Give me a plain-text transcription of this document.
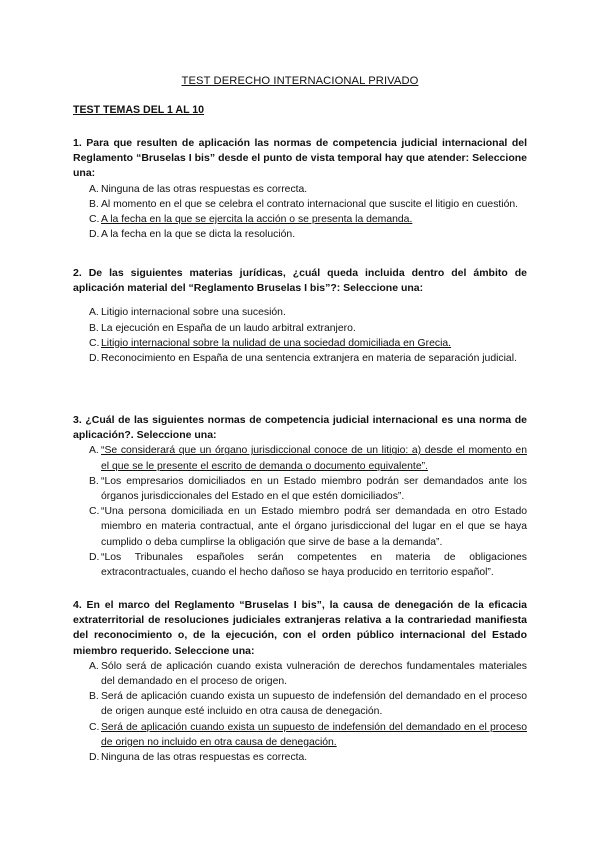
TEST DERECHO INTERNACIONAL PRIVADO
TEST TEMAS DEL 1 AL 10
1. Para que resulten de aplicación las normas de competencia judicial internacional del Reglamento “Bruselas I bis” desde el punto de vista temporal hay que atender: Seleccione una:
A. Ninguna de las otras respuestas es correcta.
B. Al momento en el que se celebra el contrato internacional que suscite el litigio en cuestión.
C. A la fecha en la que se ejercita la acción o se presenta la demanda.
D. A la fecha en la que se dicta la resolución.
2. De las siguientes materias jurídicas, ¿cuál queda incluida dentro del ámbito de aplicación material del “Reglamento Bruselas I bis”?: Seleccione una:
A. Litigio internacional sobre una sucesión.
B. La ejecución en España de un laudo arbitral extranjero.
C. Litigio internacional sobre la nulidad de una sociedad domiciliada en Grecia.
D. Reconocimiento en España de una sentencia extranjera en materia de separación judicial.
3. ¿Cuál de las siguientes normas de competencia judicial internacional es una norma de aplicación?. Seleccione una:
A. “Se considerará que un órgano jurisdiccional conoce de un litigio: a) desde el momento en el que se le presente el escrito de demanda o documento equivalente”.
B. “Los empresarios domiciliados en un Estado miembro podrán ser demandados ante los órganos jurisdiccionales del Estado en el que estén domiciliados”.
C. “Una persona domiciliada en un Estado miembro podrá ser demandada en otro Estado miembro en materia contractual, ante el órgano jurisdiccional del lugar en el que se haya cumplido o deba cumplirse la obligación que sirve de base a la demanda”.
D. “Los Tribunales españoles serán competentes en materia de obligaciones extracontractuales, cuando el hecho dañoso se haya producido en territorio español”.
4. En el marco del Reglamento “Bruselas I bis”, la causa de denegación de la eficacia extraterritorial de resoluciones judiciales extranjeras relativa a la contrariedad manifiesta del reconocimiento o, de la ejecución, con el orden público internacional del Estado miembro requerido. Seleccione una:
A. Sólo será de aplicación cuando exista vulneración de derechos fundamentales materiales del demandado en el proceso de origen.
B. Será de aplicación cuando exista un supuesto de indefensión del demandado en el proceso de origen aunque esté incluido en otra causa de denegación.
C. Será de aplicación cuando exista un supuesto de indefensión del demandado en el proceso de origen no incluido en otra causa de denegación.
D. Ninguna de las otras respuestas es correcta.
